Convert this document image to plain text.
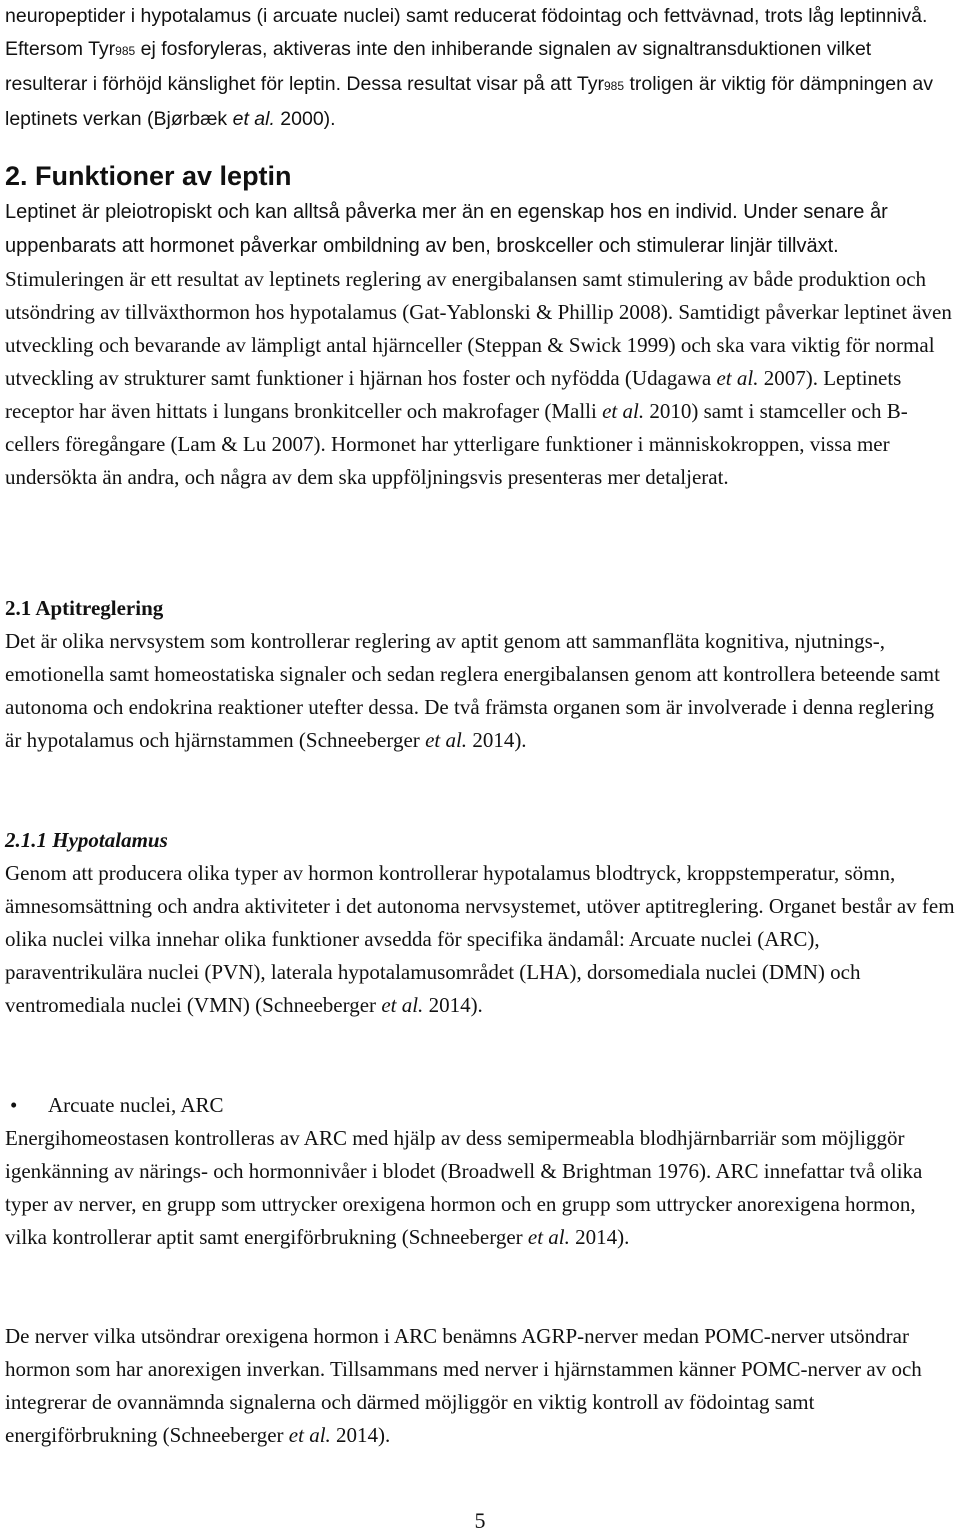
neuropeptider i hypotalamus (i arcuate nuclei) samt reducerat födointag och fettvävnad, trots låg leptinnivå. Eftersom Tyr985 ej fosforyleras, aktiveras inte den inhiberande signalen av signaltransduktionen vilket resulterar i förhöjd känslighet för leptin. Dessa resultat visar på att Tyr985 troligen är viktig för dämpningen av leptinets verkan (Bjørbæk et al. 2000).

2. Funktioner av leptin

Leptinet är pleiotropiskt och kan alltså påverka mer än en egenskap hos en individ. Under senare år uppenbarats att hormonet påverkar ombildning av ben, broskceller och stimulerar linjär tillväxt. Stimuleringen är ett resultat av leptinets reglering av energibalansen samt stimulering av både produktion och utsöndring av tillväxthormon hos hypotalamus (Gat-Yablonski & Phillip 2008). Samtidigt påverkar leptinet även utveckling och bevarande av lämpligt antal hjärnceller (Steppan & Swick 1999) och ska vara viktig för normal utveckling av strukturer samt funktioner i hjärnan hos foster och nyfödda (Udagawa et al. 2007). Leptinets receptor har även hittats i lungans bronkitceller och makrofager (Malli et al. 2010) samt i stamceller och B-cellers föregångare (Lam & Lu 2007). Hormonet har ytterligare funktioner i människokroppen, vissa mer undersökta än andra, och några av dem ska uppföljningsvis presenteras mer detaljerat.

2.1 Aptitreglering

Det är olika nervsystem som kontrollerar reglering av aptit genom att sammanfläta kognitiva, njutnings-, emotionella samt homeostatiska signaler och sedan reglera energibalansen genom att kontrollera beteende samt autonoma och endokrina reaktioner utefter dessa. De två främsta organen som är involverade i denna reglering är hypotalamus och hjärnstammen (Schneeberger et al. 2014).

2.1.1 Hypotalamus

Genom att producera olika typer av hormon kontrollerar hypotalamus blodtryck, kroppstemperatur, sömn, ämnesomsättning och andra aktiviteter i det autonoma nervsystemet, utöver aptitreglering. Organet består av fem olika nuclei vilka innehar olika funktioner avsedda för specifika ändamål: Arcuate nuclei (ARC), paraventrikulära nuclei (PVN), laterala hypotalamusområdet (LHA), dorsomediala nuclei (DMN) och ventromediala nuclei (VMN) (Schneeberger et al. 2014).

• Arcuate nuclei, ARC

Energihomeostasen kontrolleras av ARC med hjälp av dess semipermeabla blodhjärnbarriär som möjliggör igenkänning av närings- och hormonnivåer i blodet (Broadwell & Brightman 1976). ARC innefattar två olika typer av nerver, en grupp som uttrycker orexigena hormon och en grupp som uttrycker anorexigena hormon, vilka kontrollerar aptit samt energiförbrukning (Schneeberger et al. 2014).

De nerver vilka utsöndrar orexigena hormon i ARC benämns AGRP-nerver medan POMC-nerver utsöndrar hormon som har anorexigen inverkan. Tillsammans med nerver i hjärnstammen känner POMC-nerver av och integrerar de ovannämnda signalerna och därmed möjliggör en viktig kontroll av födointag samt energiförbrukning (Schneeberger et al. 2014).

5
